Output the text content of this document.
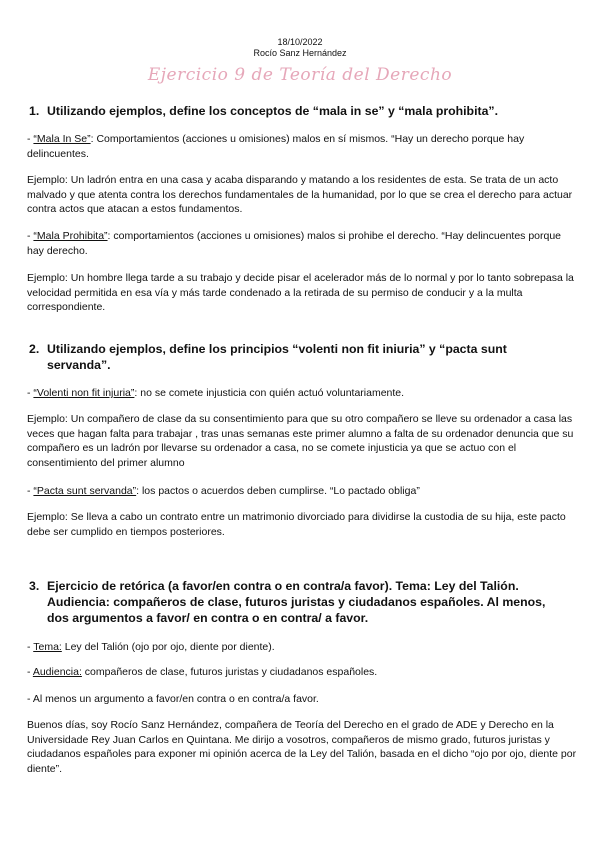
18/10/2022
Rocío Sanz Hernández
Ejercicio 9 de Teoría del Derecho
1. Utilizando ejemplos, define los conceptos de “mala in se” y “mala prohibita”.
- “Mala In Se”: Comportamientos (acciones u omisiones) malos en sí mismos. “Hay un derecho porque hay delincuentes.
Ejemplo: Un ladrón entra en una casa y acaba disparando y matando a los residentes de esta. Se trata de un acto malvado y que atenta contra los derechos fundamentales de la humanidad, por lo que se crea el derecho para actuar contra actos que atacan a estos fundamentos.
- “Mala Prohibita”: comportamientos (acciones u omisiones) malos si prohibe el derecho. “Hay delincuentes porque hay derecho.
Ejemplo: Un hombre llega tarde a su trabajo y decide pisar el acelerador más de lo normal y por lo tanto sobrepasa la velocidad permitida en esa vía y más tarde condenado a la retirada de su permiso de conducir y a la multa correspondiente.
2. Utilizando ejemplos, define los principios “volenti non fit iniuria” y “pacta sunt servanda”.
- “Volenti non fit injuria”: no se comete injusticia con quién actuó voluntariamente.
Ejemplo: Un compañero de clase da su consentimiento para que su otro compañero se lleve su ordenador a casa las veces que hagan falta para trabajar , tras unas semanas este primer alumno a falta de su ordenador denuncia que su compañero es un ladrón por llevarse su ordenador a casa, no se comete injusticia ya que se actuo con el consentimiento del primer alumno
- “Pacta sunt servanda”: los pactos o acuerdos deben cumplirse. “Lo pactado obliga”
Ejemplo: Se lleva a cabo un contrato entre un matrimonio divorciado para dividirse la custodia de su hija, este pacto debe ser cumplido en tiempos posteriores.
3. Ejercicio de retórica (a favor/en contra o en contra/a favor). Tema: Ley del Talión. Audiencia: compañeros de clase, futuros juristas y ciudadanos españoles. Al menos, dos argumentos a favor/ en contra o en contra/ a favor.
- Tema: Ley del Talión (ojo por ojo, diente por diente).
- Audiencia: compañeros de clase, futuros juristas y ciudadanos españoles.
- Al menos un argumento a favor/en contra o en contra/a favor.
Buenos días, soy Rocío Sanz Hernández, compañera de Teoría del Derecho en el grado de ADE y Derecho en la Universidade Rey Juan Carlos en Quintana. Me dirijo a vosotros, compañeros de mismo grado, futuros juristas y ciudadanos españoles para exponer mi opinión acerca de la Ley del Talión, basada en el dicho “ojo por ojo, diente por diente”.
